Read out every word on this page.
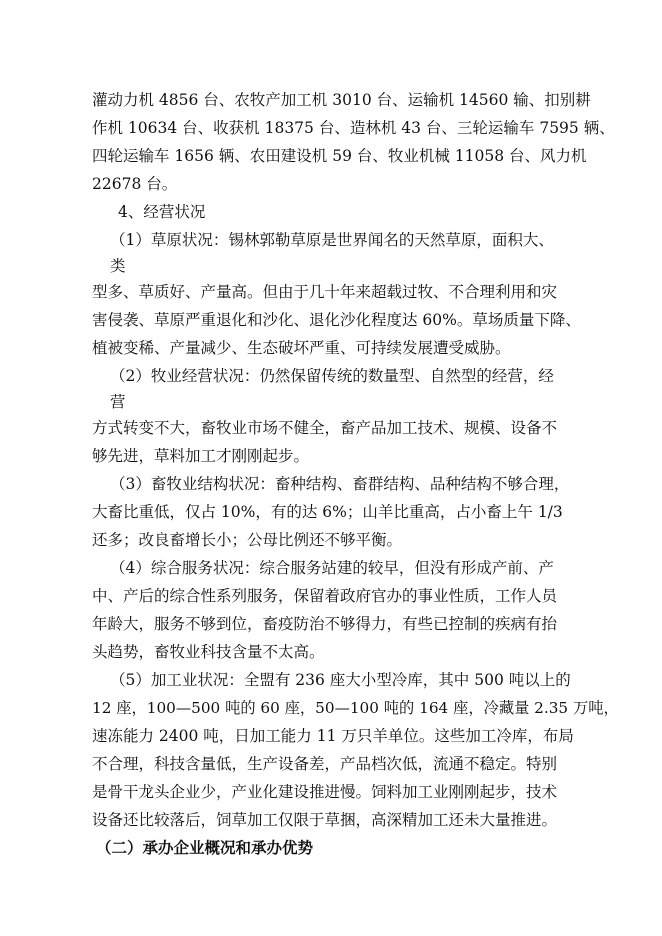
灌动力机 4856 台、农牧产加工机 3010 台、运输机 14560 输、扣别耕
作机 10634 台、收获机 18375 台、造林机 43 台、三轮运输车 7595 辆、
四轮运输车 1656 辆、农田建设机 59 台、牧业机械 11058 台、风力机
22678 台。
4、经营状况
（1）草原状况：锡林郭勒草原是世界闻名的天然草原，面积大、
类
型多、草质好、产量高。但由于几十年来超载过牧、不合理利用和灾
害侵袭、草原严重退化和沙化、退化沙化程度达 60%。草场质量下降、
植被变稀、产量减少、生态破坏严重、可持续发展遭受威胁。
（2）牧业经营状况：仍然保留传统的数量型、自然型的经营，经
营
方式转变不大，畜牧业市场不健全，畜产品加工技术、规模、设备不
够先进，草料加工才刚刚起步。
（3）畜牧业结构状况：畜种结构、畜群结构、品种结构不够合理，
大畜比重低，仅占 10%，有的达 6%；山羊比重高，占小畜上午 1/3
还多；改良畜增长小；公母比例还不够平衡。
（4）综合服务状况：综合服务站建的较早，但没有形成产前、产
中、产后的综合性系列服务，保留着政府官办的事业性质，工作人员
年龄大，服务不够到位，畜疫防治不够得力，有些已控制的疾病有抬
头趋势，畜牧业科技含量不太高。
（5）加工业状况：全盟有 236 座大小型冷库，其中 500 吨以上的
12 座，100—500 吨的 60 座，50—100 吨的 164 座，冷藏量 2.35 万吨，
速冻能力 2400 吨，日加工能力 11 万只羊单位。这些加工冷库，布局
不合理，科技含量低，生产设备差，产品档次低，流通不稳定。特别
是骨干龙头企业少，产业化建设推进慢。饲料加工业刚刚起步，技术
设备还比较落后，饲草加工仅限于草捆，高深精加工还未大量推进。
（二）承办企业概况和承办优势
